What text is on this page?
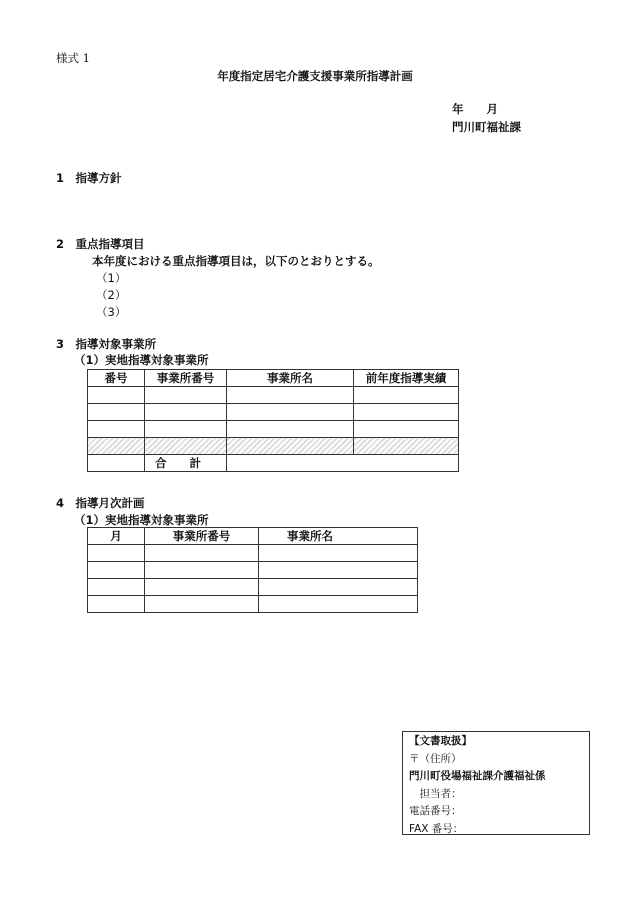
様式 1
年度指定居宅介護支援事業所指導計画
年　　月
門川町福祉課
1　指導方針
2　重点指導項目
本年度における重点指導項目は，以下のとおりとする。
（1）
（2）
（3）
3　指導対象事業所
（1）実地指導対象事業所
番号	事業所番号	事業所名	前年度指導実績

	合　　計		
4　指導月次計画
（1）実地指導対象事業所
月	事業所番号	事業所名

【文書取扱】
〒（住所）
門川町役場福祉課介護福祉係
　担当者：
電話番号：
FAX 番号：
